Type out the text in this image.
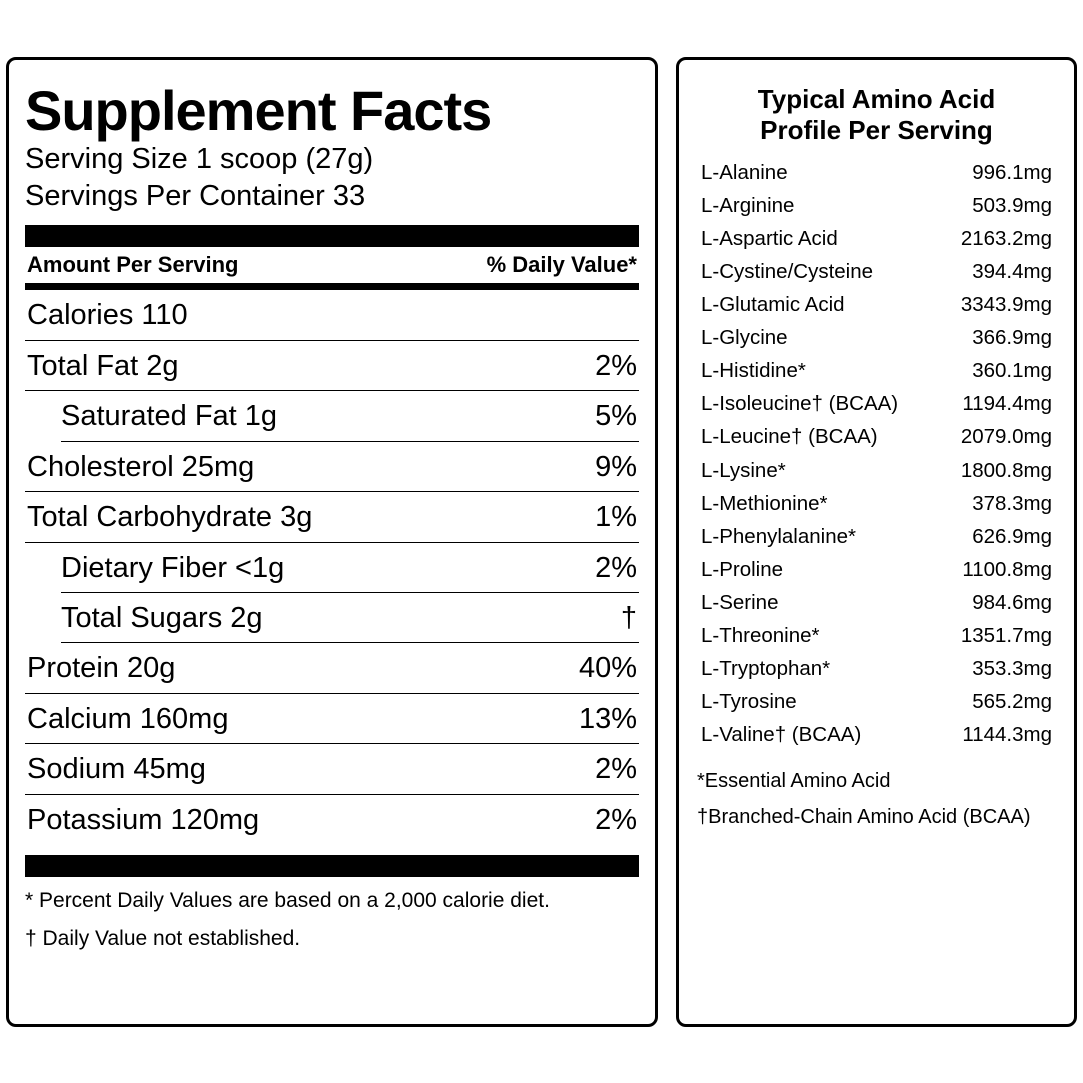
Supplement Facts
Serving Size 1 scoop (27g)
Servings Per Container 33
Amount Per Serving	% Daily Value*
Calories 110
Total Fat 2g	2%
Saturated Fat 1g	5%
Cholesterol 25mg	9%
Total Carbohydrate 3g	1%
Dietary Fiber <1g	2%
Total Sugars 2g	†
Protein 20g	40%
Calcium 160mg	13%
Sodium 45mg	2%
Potassium 120mg	2%
* Percent Daily Values are based on a 2,000 calorie diet.
† Daily Value not established.
Typical Amino Acid
Profile Per Serving
L-Alanine	996.1mg
L-Arginine	503.9mg
L-Aspartic Acid	2163.2mg
L-Cystine/Cysteine	394.4mg
L-Glutamic Acid	3343.9mg
L-Glycine	366.9mg
L-Histidine*	360.1mg
L-Isoleucine† (BCAA)	1194.4mg
L-Leucine† (BCAA)	2079.0mg
L-Lysine*	1800.8mg
L-Methionine*	378.3mg
L-Phenylalanine*	626.9mg
L-Proline	1100.8mg
L-Serine	984.6mg
L-Threonine*	1351.7mg
L-Tryptophan*	353.3mg
L-Tyrosine	565.2mg
L-Valine† (BCAA)	1144.3mg
*Essential Amino Acid
†Branched-Chain Amino Acid (BCAA)
